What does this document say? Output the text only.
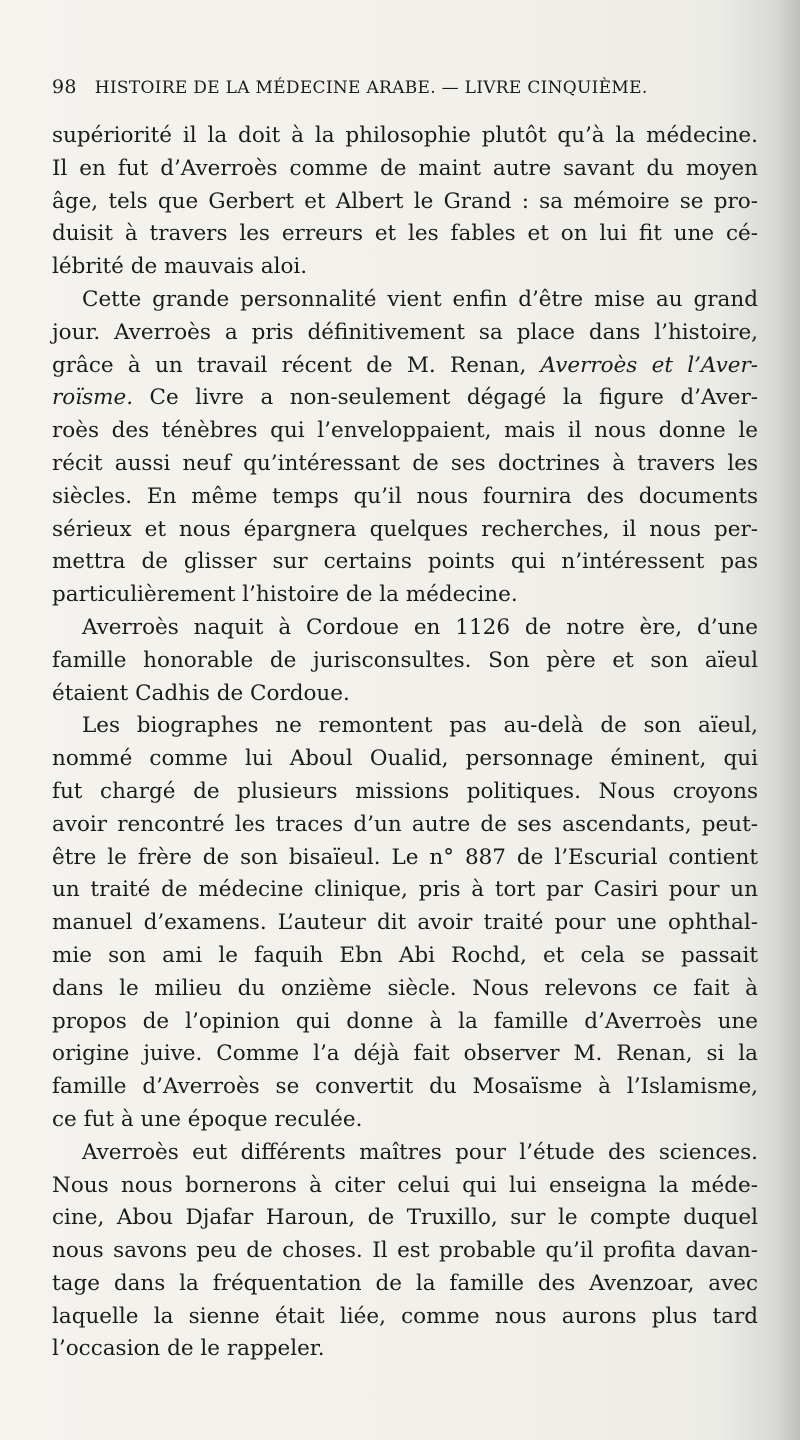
98 HISTOIRE DE LA MÉDECINE ARABE. — LIVRE CINQUIÈME.
supériorité il la doit à la philosophie plutôt qu’à la médecine.
Il en fut d’Averroès comme de maint autre savant du moyen
âge, tels que Gerbert et Albert le Grand : sa mémoire se pro-
duisit à travers les erreurs et les fables et on lui fit une cé-
lébrité de mauvais aloi.
Cette grande personnalité vient enfin d’être mise au grand
jour. Averroès a pris définitivement sa place dans l’histoire,
grâce à un travail récent de M. Renan, Averroès et l’Aver-
roïsme. Ce livre a non-seulement dégagé la figure d’Aver-
roès des ténèbres qui l’enveloppaient, mais il nous donne le
récit aussi neuf qu’intéressant de ses doctrines à travers les
siècles. En même temps qu’il nous fournira des documents
sérieux et nous épargnera quelques recherches, il nous per-
mettra de glisser sur certains points qui n’intéressent pas
particulièrement l’histoire de la médecine.
Averroès naquit à Cordoue en 1126 de notre ère, d’une
famille honorable de jurisconsultes. Son père et son aïeul
étaient Cadhis de Cordoue.
Les biographes ne remontent pas au-delà de son aïeul,
nommé comme lui Aboul Oualid, personnage éminent, qui
fut chargé de plusieurs missions politiques. Nous croyons
avoir rencontré les traces d’un autre de ses ascendants, peut-
être le frère de son bisaïeul. Le n° 887 de l’Escurial contient
un traité de médecine clinique, pris à tort par Casiri pour un
manuel d’examens. L’auteur dit avoir traité pour une ophthal-
mie son ami le faquih Ebn Abi Rochd, et cela se passait
dans le milieu du onzième siècle. Nous relevons ce fait à
propos de l’opinion qui donne à la famille d’Averroès une
origine juive. Comme l’a déjà fait observer M. Renan, si la
famille d’Averroès se convertit du Mosaïsme à l’Islamisme,
ce fut à une époque reculée.
Averroès eut différents maîtres pour l’étude des sciences.
Nous nous bornerons à citer celui qui lui enseigna la méde-
cine, Abou Djafar Haroun, de Truxillo, sur le compte duquel
nous savons peu de choses. Il est probable qu’il profita davan-
tage dans la fréquentation de la famille des Avenzoar, avec
laquelle la sienne était liée, comme nous aurons plus tard
l’occasion de le rappeler.
